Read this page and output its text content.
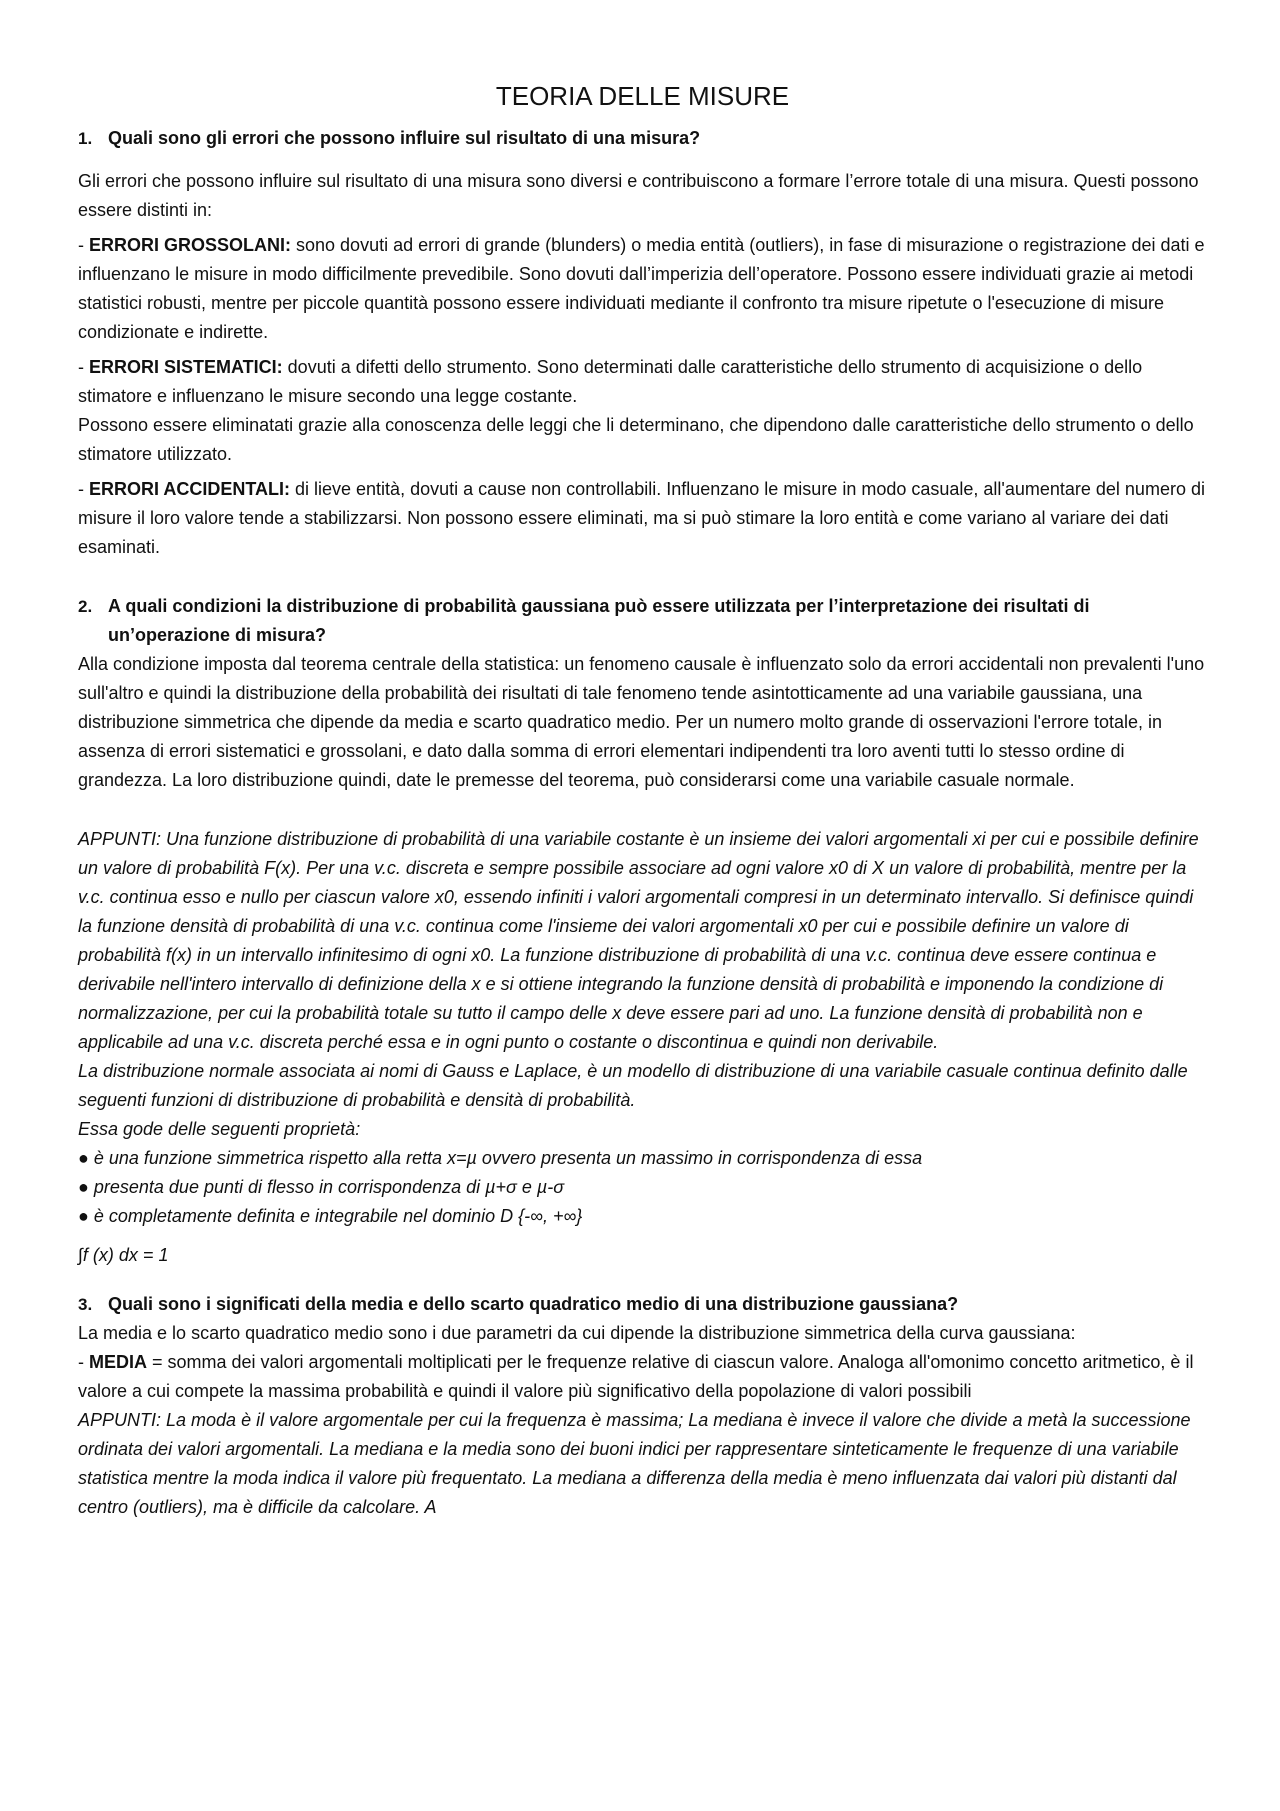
TEORIA DELLE MISURE
1. Quali sono gli errori che possono influire sul risultato di una misura?

Gli errori che possono influire sul risultato di una misura sono diversi e contribuiscono a formare l’errore totale di una misura. Questi possono essere distinti in:

- ERRORI GROSSOLANI: sono dovuti ad errori di grande (blunders) o media entità (outliers), in fase di misurazione o registrazione dei dati e influenzano le misure in modo difficilmente prevedibile. Sono dovuti dall’imperizia dell’operatore. Possono essere individuati grazie ai metodi statistici robusti, mentre per piccole quantità possono essere individuati mediante il confronto tra misure ripetute o l'esecuzione di misure condizionate e indirette.

- ERRORI SISTEMATICI: dovuti a difetti dello strumento. Sono determinati dalle caratteristiche dello strumento di acquisizione o dello stimatore e influenzano le misure secondo una legge costante.

Possono essere eliminatati grazie alla conoscenza delle leggi che li determinano, che dipendono dalle caratteristiche dello strumento o dello stimatore utilizzato.

- ERRORI ACCIDENTALI: di lieve entità, dovuti a cause non controllabili. Influenzano le misure in modo casuale, all'aumentare del numero di misure il loro valore tende a stabilizzarsi. Non possono essere eliminati, ma si può stimare la loro entità e come variano al variare dei dati esaminati.

2. A quali condizioni la distribuzione di probabilità gaussiana può essere utilizzata per l’interpretazione dei risultati di un’operazione di misura?

Alla condizione imposta dal teorema centrale della statistica: un fenomeno causale è influenzato solo da errori accidentali non prevalenti l'uno sull'altro e quindi la distribuzione della probabilità dei risultati di tale fenomeno tende asintotticamente ad una variabile gaussiana, una distribuzione simmetrica che dipende da media e scarto quadratico medio. Per un numero molto grande di osservazioni l'errore totale, in assenza di errori sistematici e grossolani, e dato dalla somma di errori elementari indipendenti tra loro aventi tutti lo stesso ordine di grandezza. La loro distribuzione quindi, date le premesse del teorema, può considerarsi come una variabile casuale normale.

APPUNTI: Una funzione distribuzione di probabilità di una variabile costante è un insieme dei valori argomentali xi per cui e possibile definire un valore di probabilità F(x). Per una v.c. discreta e sempre possibile associare ad ogni valore x0 di X un valore di probabilità, mentre per la v.c. continua esso e nullo per ciascun valore x0, essendo infiniti i valori argomentali compresi in un determinato intervallo. Si definisce quindi la funzione densità di probabilità di una v.c. continua come l'insieme dei valori argomentali x0 per cui e possibile definire un valore di probabilità f(x) in un intervallo infinitesimo di ogni x0. La funzione distribuzione di probabilità di una v.c. continua deve essere continua e derivabile nell'intero intervallo di definizione della x e si ottiene integrando la funzione densità di probabilità e imponendo la condizione di normalizzazione, per cui la probabilità totale su tutto il campo delle x deve essere pari ad uno. La funzione densità di probabilità non e applicabile ad una v.c. discreta perché essa e in ogni punto o costante o discontinua e quindi non derivabile.

La distribuzione normale associata ai nomi di Gauss e Laplace, è un modello di distribuzione di una variabile casuale continua definito dalle seguenti funzioni di distribuzione di probabilità e densità di probabilità.

Essa gode delle seguenti proprietà:

● è una funzione simmetrica rispetto alla retta x=µ ovvero presenta un massimo in corrispondenza di essa
● presenta due punti di flesso in corrispondenza di µ+σ e µ-σ
● è completamente definita e integrabile nel dominio D {-∞, +∞}

∫f (x) dx = 1

3. Quali sono i significati della media e dello scarto quadratico medio di una distribuzione gaussiana?

La media e lo scarto quadratico medio sono i due parametri da cui dipende la distribuzione simmetrica della curva gaussiana:

- MEDIA = somma dei valori argomentali moltiplicati per le frequenze relative di ciascun valore. Analoga all'omonimo concetto aritmetico, è il valore a cui compete la massima probabilità e quindi il valore più significativo della popolazione di valori possibili

APPUNTI: La moda è il valore argomentale per cui la frequenza è massima; La mediana è invece il valore che divide a metà la successione ordinata dei valori argomentali. La mediana e la media sono dei buoni indici per rappresentare sinteticamente le frequenze di una variabile statistica mentre la moda indica il valore più frequentato. La mediana a differenza della media è meno influenzata dai valori più distanti dal centro (outliers), ma è difficile da calcolare. A
